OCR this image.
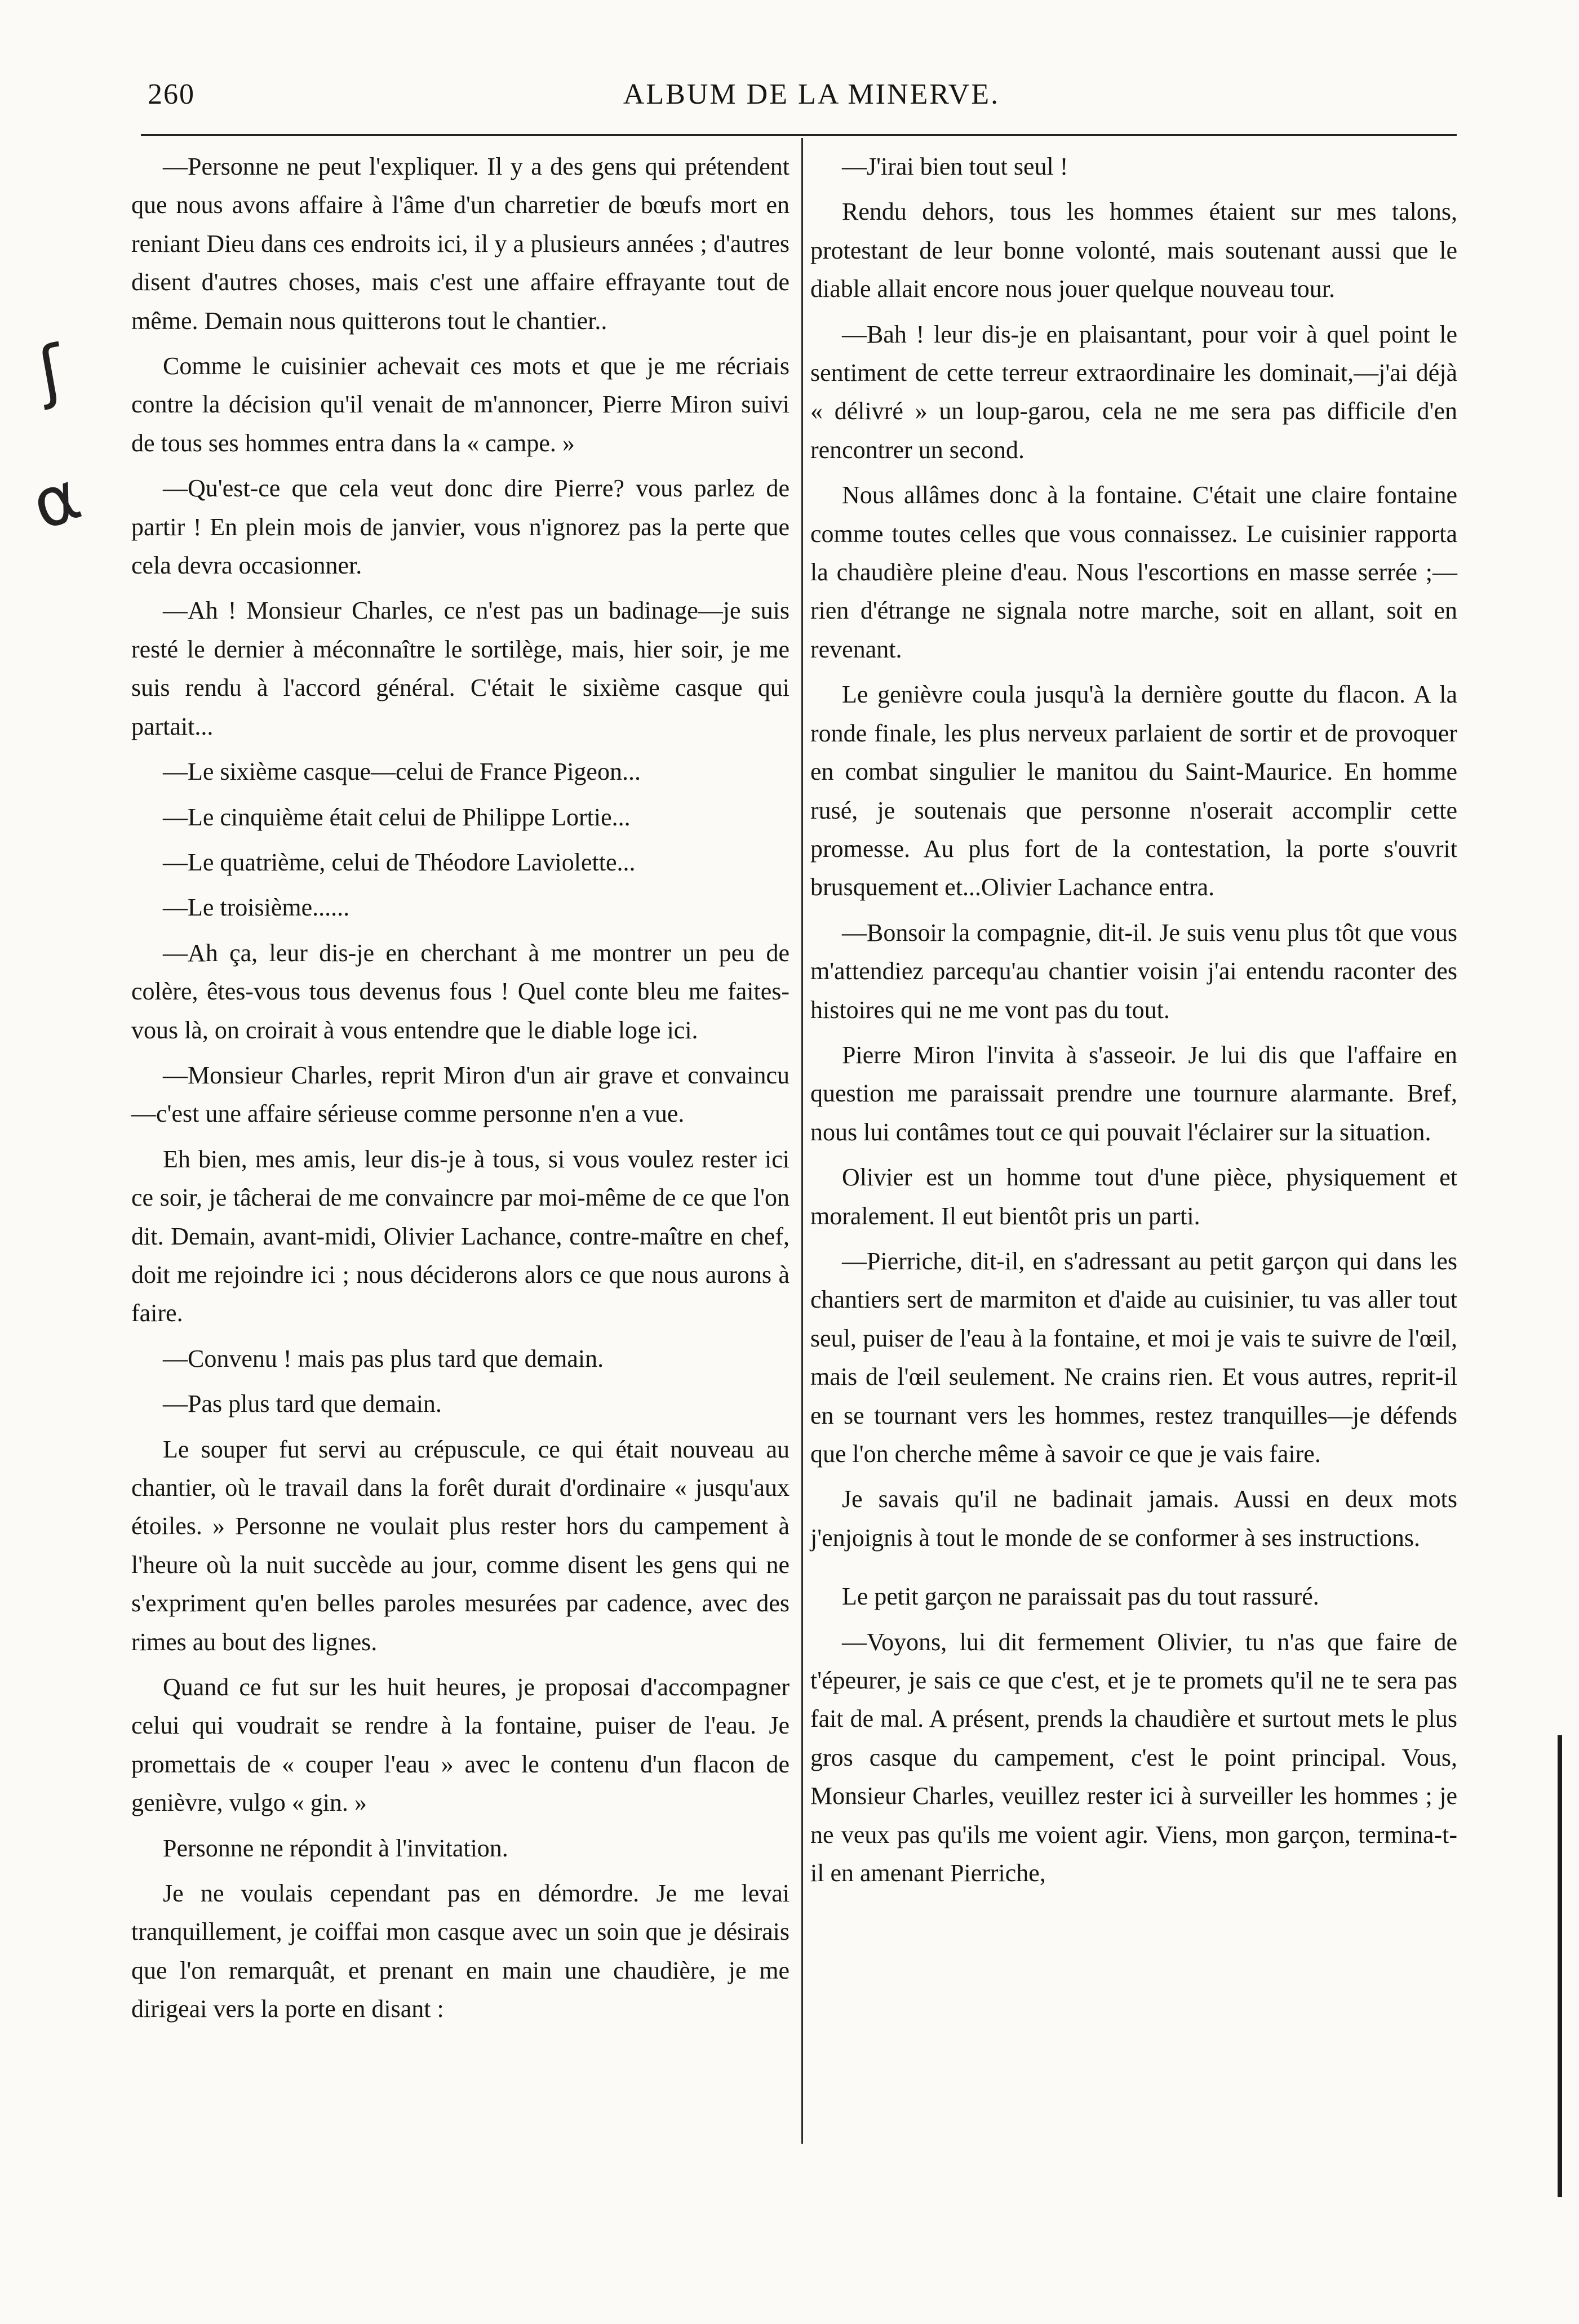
260	ALBUM DE LA MINERVE.
ʃ
α

—Personne ne peut l'expliquer. Il y a des gens qui prétendent que nous avons affaire à l'âme d'un charretier de bœufs mort en reniant Dieu dans ces endroits ici, il y a plusieurs années ; d'autres disent d'autres choses, mais c'est une affaire effrayante tout de même. Demain nous quitterons tout le chantier..

Comme le cuisinier achevait ces mots et que je me récriais contre la décision qu'il venait de m'annoncer, Pierre Miron suivi de tous ses hommes entra dans la « campe. »

—Qu'est-ce que cela veut donc dire Pierre? vous parlez de partir ! En plein mois de janvier, vous n'ignorez pas la perte que cela devra occasionner.

—Ah ! Monsieur Charles, ce n'est pas un badinage—je suis resté le dernier à méconnaître le sortilège, mais, hier soir, je me suis rendu à l'accord général. C'était le sixième casque qui partait...

—Le sixième casque—celui de France Pigeon...

—Le cinquième était celui de Philippe Lortie...

—Le quatrième, celui de Théodore Laviolette...

—Le troisième......

—Ah ça, leur dis-je en cherchant à me montrer un peu de colère, êtes-vous tous devenus fous ! Quel conte bleu me faites-vous là, on croirait à vous entendre que le diable loge ici.

—Monsieur Charles, reprit Miron d'un air grave et convaincu—c'est une affaire sérieuse comme personne n'en a vue.

Eh bien, mes amis, leur dis-je à tous, si vous voulez rester ici ce soir, je tâcherai de me convaincre par moi-même de ce que l'on dit. Demain, avant-midi, Olivier Lachance, contre-maître en chef, doit me rejoindre ici ; nous déciderons alors ce que nous aurons à faire.

—Convenu ! mais pas plus tard que demain.

—Pas plus tard que demain.

Le souper fut servi au crépuscule, ce qui était nouveau au chantier, où le travail dans la forêt durait d'ordinaire « jusqu'aux étoiles. » Personne ne voulait plus rester hors du campement à l'heure où la nuit succède au jour, comme disent les gens qui ne s'expriment qu'en belles paroles mesurées par cadence, avec des rimes au bout des lignes.

Quand ce fut sur les huit heures, je proposai d'accompagner celui qui voudrait se rendre à la fontaine, puiser de l'eau. Je promettais de « couper l'eau » avec le contenu d'un flacon de genièvre, vulgo « gin. »

Personne ne répondit à l'invitation.

Je ne voulais cependant pas en démordre. Je me levai tranquillement, je coiffai mon casque avec un soin que je désirais que l'on remarquât, et prenant en main une chaudière, je me dirigeai vers la porte en disant :

—J'irai bien tout seul !

Rendu dehors, tous les hommes étaient sur mes talons, protestant de leur bonne volonté, mais soutenant aussi que le diable allait encore nous jouer quelque nouveau tour.

—Bah ! leur dis-je en plaisantant, pour voir à quel point le sentiment de cette terreur extraordinaire les dominait,—j'ai déjà « délivré » un loup-garou, cela ne me sera pas difficile d'en rencontrer un second.

Nous allâmes donc à la fontaine. C'était une claire fontaine comme toutes celles que vous connaissez. Le cuisinier rapporta la chaudière pleine d'eau. Nous l'escortions en masse serrée ;—rien d'étrange ne signala notre marche, soit en allant, soit en revenant.

Le genièvre coula jusqu'à la dernière goutte du flacon. A la ronde finale, les plus nerveux parlaient de sortir et de provoquer en combat singulier le manitou du Saint-Maurice. En homme rusé, je soutenais que personne n'oserait accomplir cette promesse. Au plus fort de la contestation, la porte s'ouvrit brusquement et...Olivier Lachance entra.

—Bonsoir la compagnie, dit-il. Je suis venu plus tôt que vous m'attendiez parcequ'au chantier voisin j'ai entendu raconter des histoires qui ne me vont pas du tout.

Pierre Miron l'invita à s'asseoir. Je lui dis que l'affaire en question me paraissait prendre une tournure alarmante. Bref, nous lui contâmes tout ce qui pouvait l'éclairer sur la situation.

Olivier est un homme tout d'une pièce, physiquement et moralement. Il eut bientôt pris un parti.

—Pierriche, dit-il, en s'adressant au petit garçon qui dans les chantiers sert de marmiton et d'aide au cuisinier, tu vas aller tout seul, puiser de l'eau à la fontaine, et moi je vais te suivre de l'œil, mais de l'œil seulement. Ne crains rien. Et vous autres, reprit-il en se tournant vers les hommes, restez tranquilles—je défends que l'on cherche même à savoir ce que je vais faire.

Je savais qu'il ne badinait jamais. Aussi en deux mots j'enjoignis à tout le monde de se conformer à ses instructions.

Le petit garçon ne paraissait pas du tout rassuré.

—Voyons, lui dit fermement Olivier, tu n'as que faire de t'épeurer, je sais ce que c'est, et je te promets qu'il ne te sera pas fait de mal. A présent, prends la chaudière et surtout mets le plus gros casque du campement, c'est le point principal. Vous, Monsieur Charles, veuillez rester ici à surveiller les hommes ; je ne veux pas qu'ils me voient agir. Viens, mon garçon, termina-t-il en amenant Pierriche,
